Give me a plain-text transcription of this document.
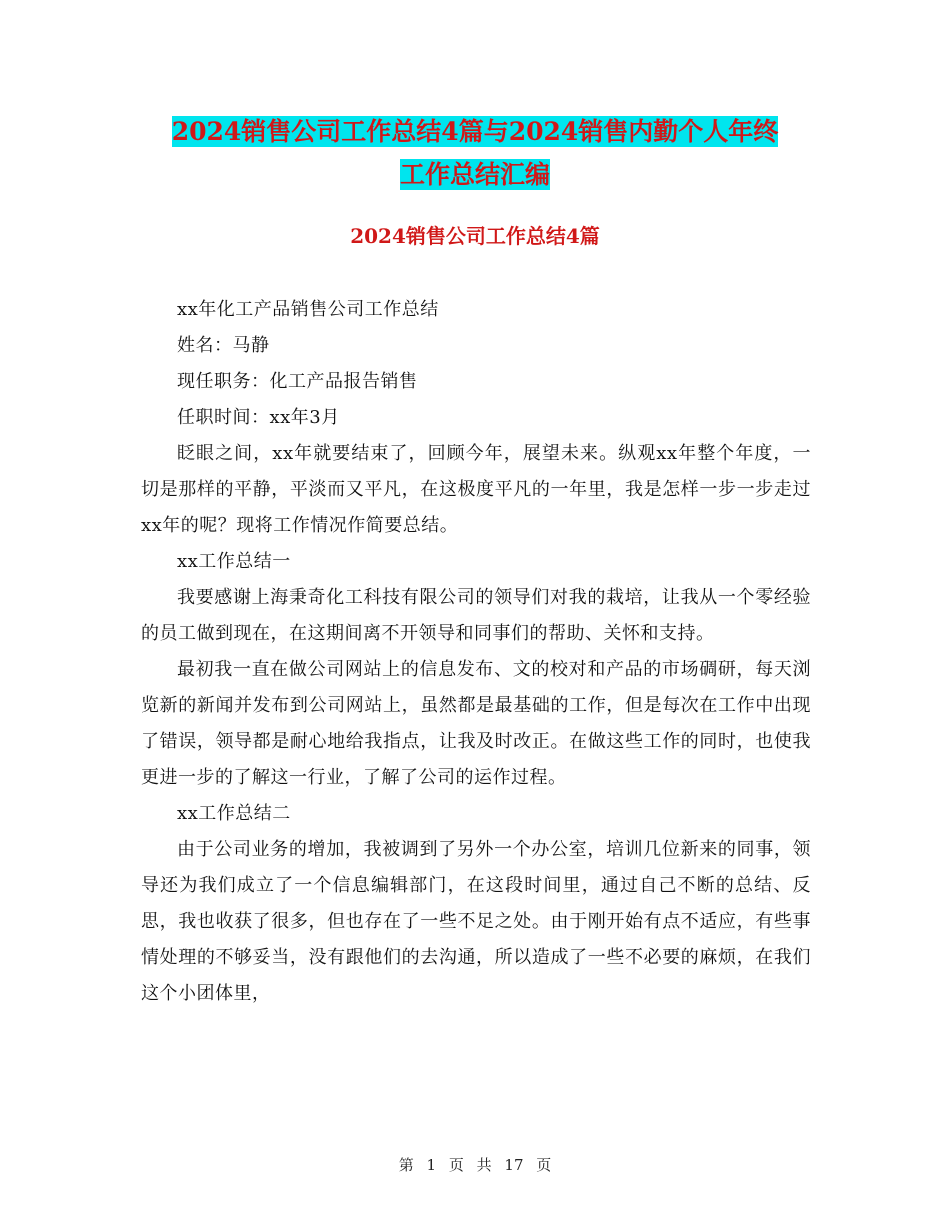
2024销售公司工作总结4篇与2024销售内勤个人年终
工作总结汇编
2024销售公司工作总结4篇

xx年化工产品销售公司工作总结

姓名：马静

现任职务：化工产品报告销售

任职时间：xx年3月

眨眼之间，xx年就要结束了，回顾今年，展望未来。纵观xx年整个年度，一切是那样的平静，平淡而又平凡，在这极度平凡的一年里，我是怎样一步一步走过xx年的呢？现将工作情况作简要总结。

xx工作总结一

我要感谢上海秉奇化工科技有限公司的领导们对我的栽培，让我从一个零经验的员工做到现在，在这期间离不开领导和同事们的帮助、关怀和支持。

最初我一直在做公司网站上的信息发布、文的校对和产品的市场碉研，每天浏览新的新闻并发布到公司网站上，虽然都是最基础的工作，但是每次在工作中出现了错误，领导都是耐心地给我指点，让我及时改正。在做这些工作的同时，也使我更进一步的了解这一行业，了解了公司的运作过程。

xx工作总结二

由于公司业务的增加，我被调到了另外一个办公室，培训几位新来的同事，领导还为我们成立了一个信息编辑部门，在这段时间里，通过自己不断的总结、反思，我也收获了很多，但也存在了一些不足之处。由于刚开始有点不适应，有些事情处理的不够妥当，没有跟他们的去沟通，所以造成了一些不必要的麻烦，在我们这个小团体里，

第 1 页 共 17 页
